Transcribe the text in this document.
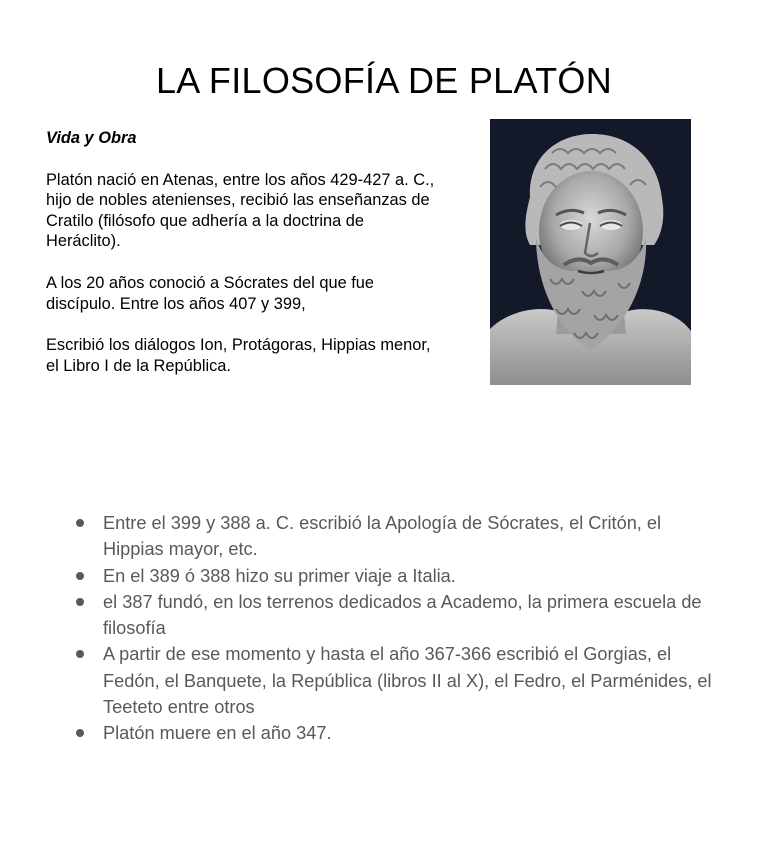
LA FILOSOFÍA DE PLATÓN
Vida y Obra
Platón nació en Atenas, entre los años 429-427 a. C., hijo de nobles atenienses, recibió las enseñanzas de Cratilo (filósofo que adhería a la doctrina de Heráclito).
A los 20 años conoció a Sócrates del que fue discípulo. Entre los años 407 y 399,
Escribió los diálogos Ion, Protágoras, Hippias menor, el Libro I de la República.
Entre el 399 y 388 a. C. escribió la Apología de Sócrates, el Critón, el Hippias mayor, etc.
En el 389 ó 388 hizo su primer viaje a Italia.
el 387 fundó, en los terrenos dedicados a Academo, la primera escuela de filosofía
A partir de ese momento y hasta el año 367-366 escribió el Gorgias, el Fedón, el Banquete, la República (libros II al X), el Fedro, el Parménides, el Teeteto entre otros
Platón muere en el año 347.
